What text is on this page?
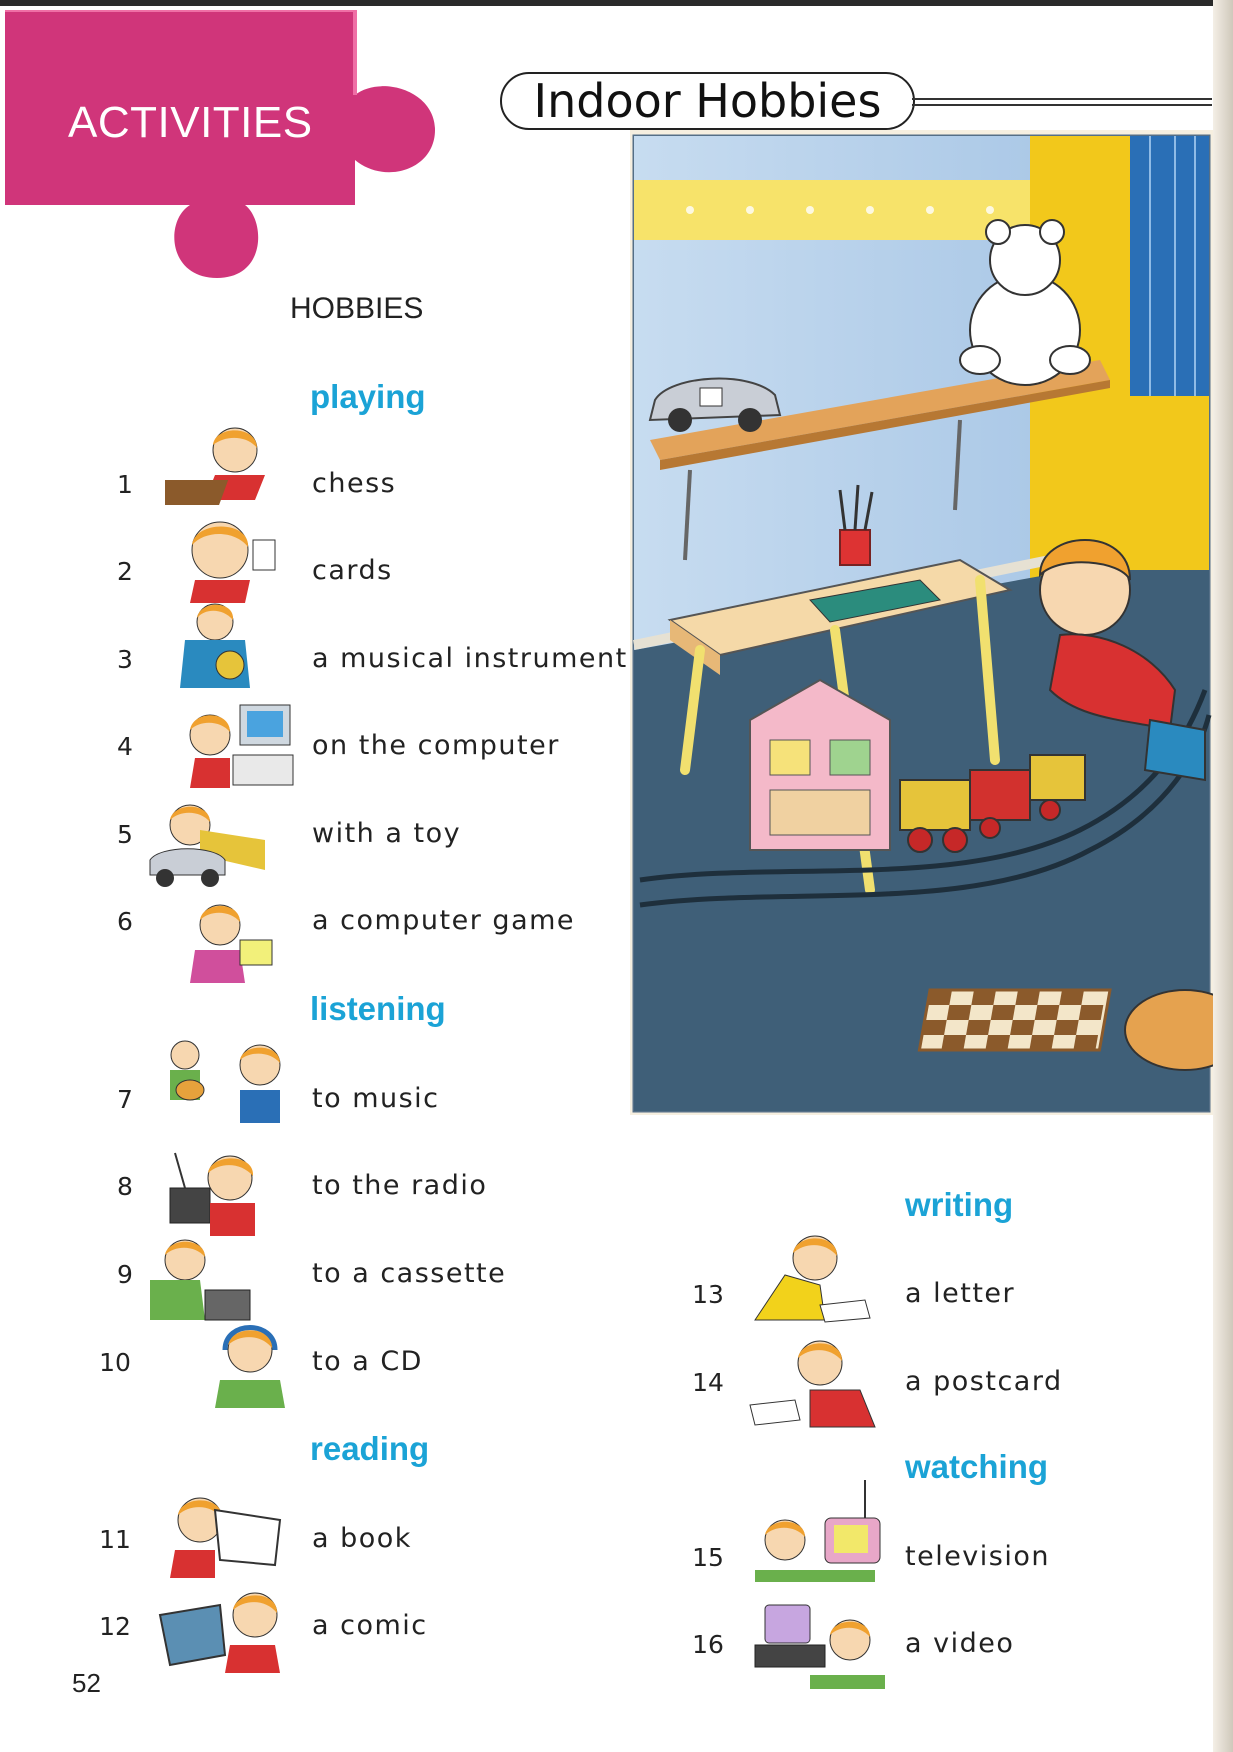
ACTIVITIES	Indoor Hobbies
HOBBIES
playing
listening
reading
writing
watching
1	chess
2	cards
3	a musical instrument
4	on the computer
5	with a toy
6	a computer game
7	to music
8	to the radio
9	to a cassette
10	to a CD
11	a book
12	a comic
13	a letter
14	a postcard
15	television
16	a video
52
